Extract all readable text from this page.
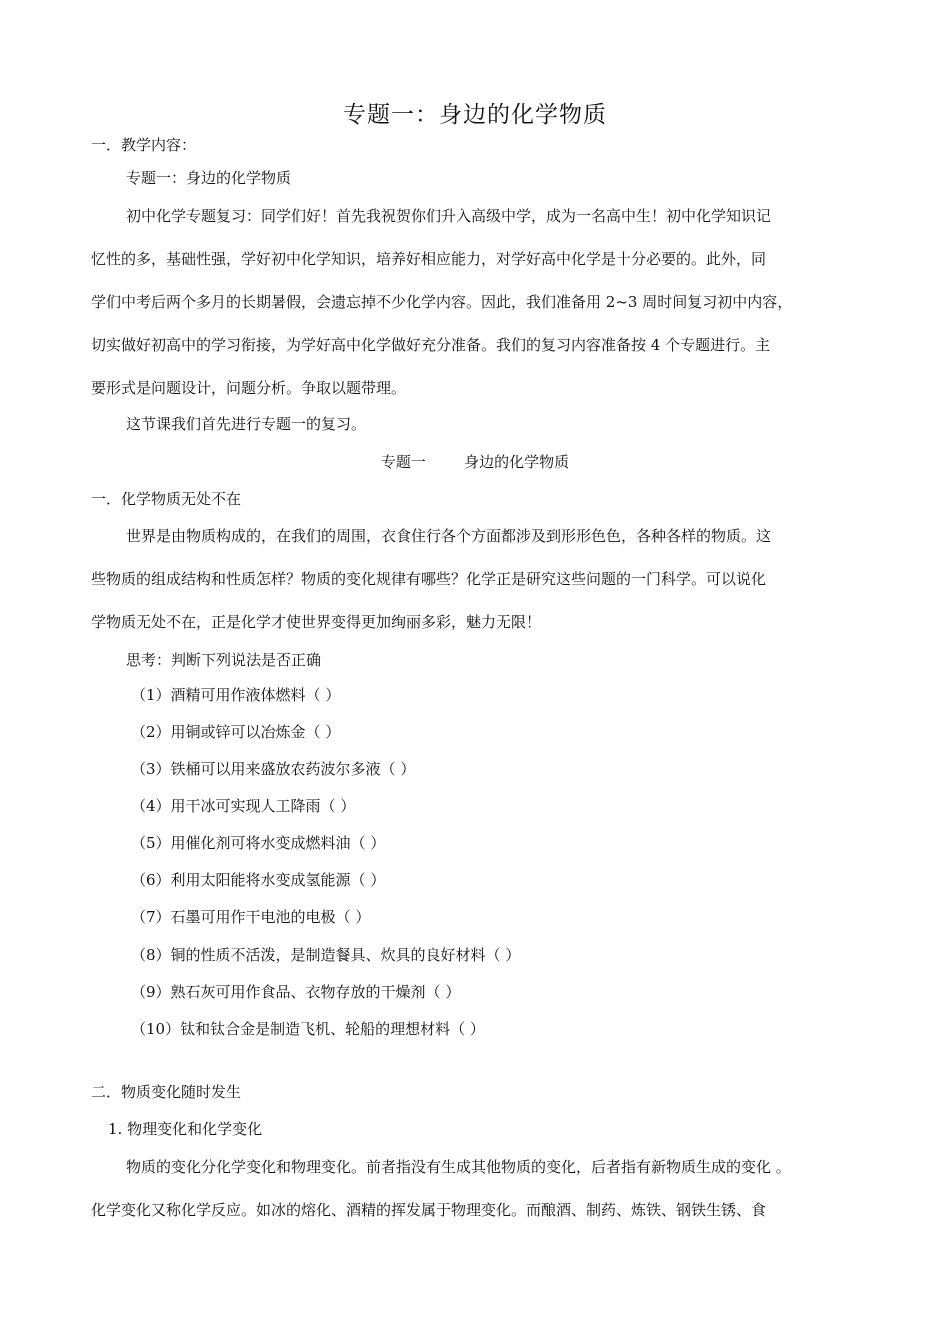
专题一：身边的化学物质
一．教学内容：
专题一：身边的化学物质
初中化学专题复习：同学们好！首先我祝贺你们升入高级中学，成为一名高中生！初中化学知识记
忆性的多，基础性强，学好初中化学知识，培养好相应能力，对学好高中化学是十分必要的。此外，同
学们中考后两个多月的长期暑假，会遗忘掉不少化学内容。因此，我们准备用 2~3 周时间复习初中内容，
切实做好初高中的学习衔接，为学好高中化学做好充分准备。我们的复习内容准备按 4 个专题进行。主
要形式是问题设计，问题分析。争取以题带理。
这节课我们首先进行专题一的复习。
专题一        身边的化学物质
一．化学物质无处不在
世界是由物质构成的，在我们的周围，衣食住行各个方面都涉及到形形色色，各种各样的物质。这
些物质的组成结构和性质怎样？物质的变化规律有哪些？化学正是研究这些问题的一门科学。可以说化
学物质无处不在，正是化学才使世界变得更加绚丽多彩，魅力无限！
思考：判断下列说法是否正确
（1）酒精可用作液体燃料（ ）
（2）用铜或锌可以冶炼金（ ）
（3）铁桶可以用来盛放农药波尔多液（ ）
（4）用干冰可实现人工降雨（ ）
（5）用催化剂可将水变成燃料油（ ）
（6）利用太阳能将水变成氢能源（ ）
（7）石墨可用作干电池的电极（ ）
（8）铜的性质不活泼，是制造餐具、炊具的良好材料（ ）
（9）熟石灰可用作食品、衣物存放的干燥剂（ ）
（10）钛和钛合金是制造飞机、轮船的理想材料（ ）
二．物质变化随时发生
1. 物理变化和化学变化
物质的变化分化学变化和物理变化。前者指没有生成其他物质的变化，后者指有新物质生成的变化 。
化学变化又称化学反应。如冰的熔化、酒精的挥发属于物理变化。而酿酒、制药、炼铁、钢铁生锈、食
